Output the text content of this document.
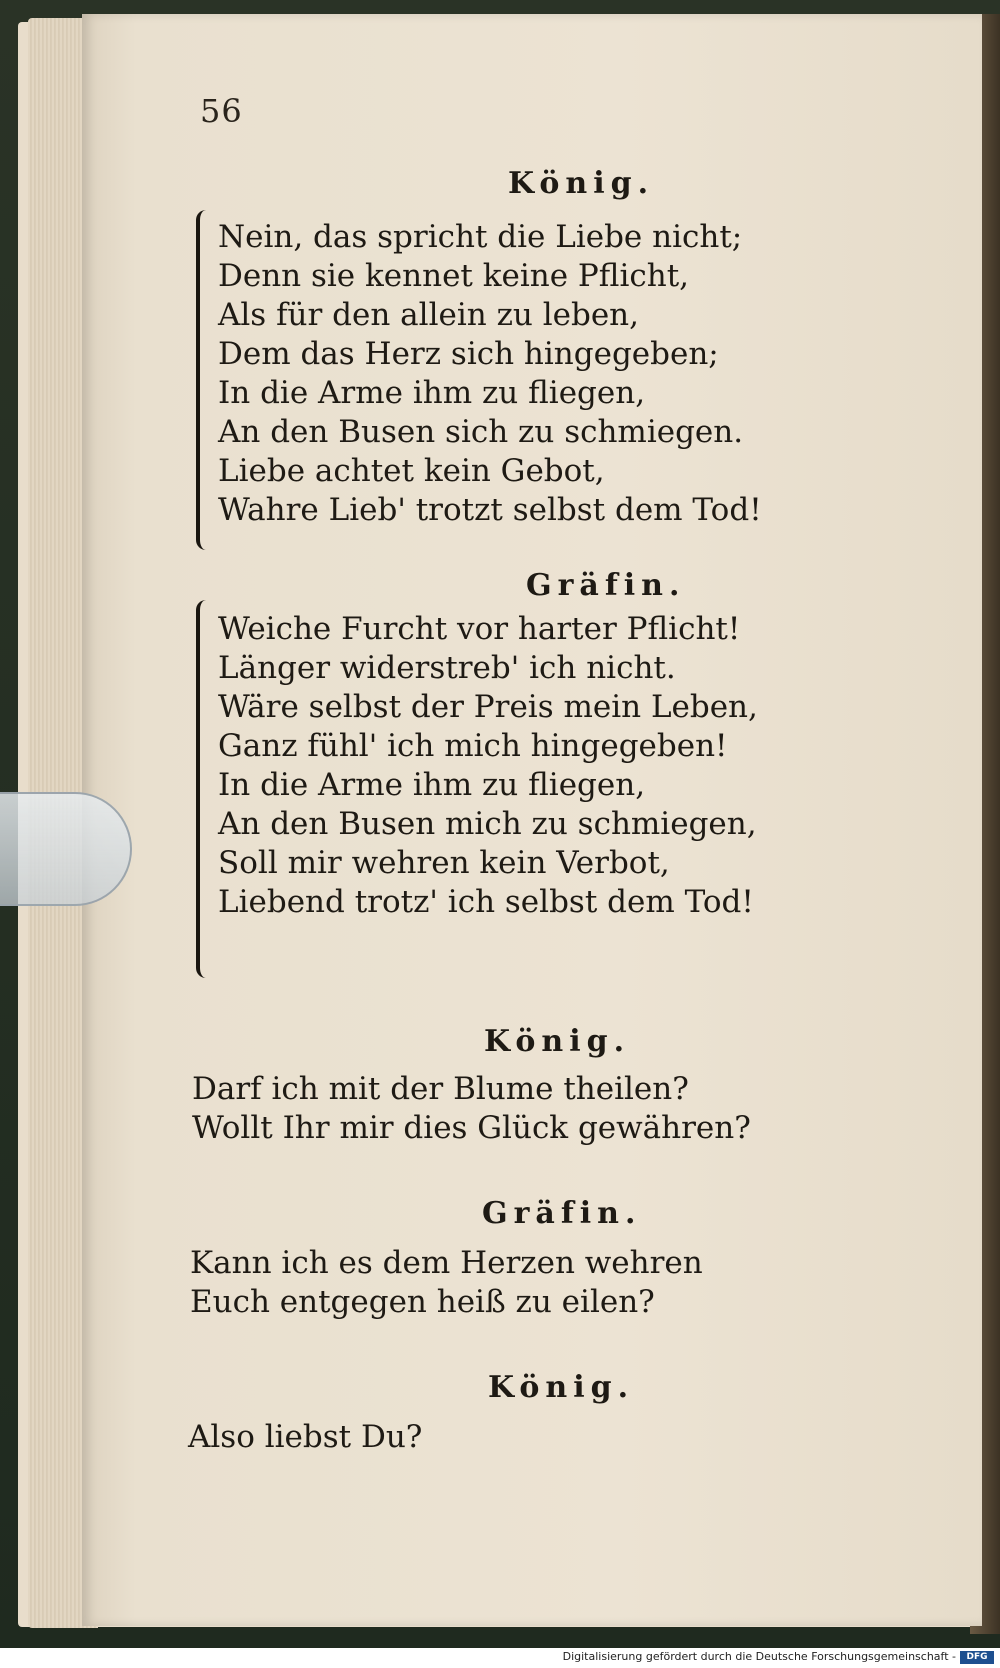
56
König.
Nein, das spricht die Liebe nicht;
Denn sie kennet keine Pflicht,
Als für den allein zu leben,
Dem das Herz sich hingegeben;
In die Arme ihm zu fliegen,
An den Busen sich zu schmiegen.
Liebe achtet kein Gebot,
Wahre Lieb' trotzt selbst dem Tod!
Gräfin.
Weiche Furcht vor harter Pflicht!
Länger widerstreb' ich nicht.
Wäre selbst der Preis mein Leben,
Ganz fühl' ich mich hingegeben!
In die Arme ihm zu fliegen,
An den Busen mich zu schmiegen,
Soll mir wehren kein Verbot,
Liebend trotz' ich selbst dem Tod!
König.
Darf ich mit der Blume theilen?
Wollt Ihr mir dies Glück gewähren?
Gräfin.
Kann ich es dem Herzen wehren
Euch entgegen heiß zu eilen?
König.
Also liebst Du?
Digitalisierung gefördert durch die Deutsche Forschungsgemeinschaft -	DFG
